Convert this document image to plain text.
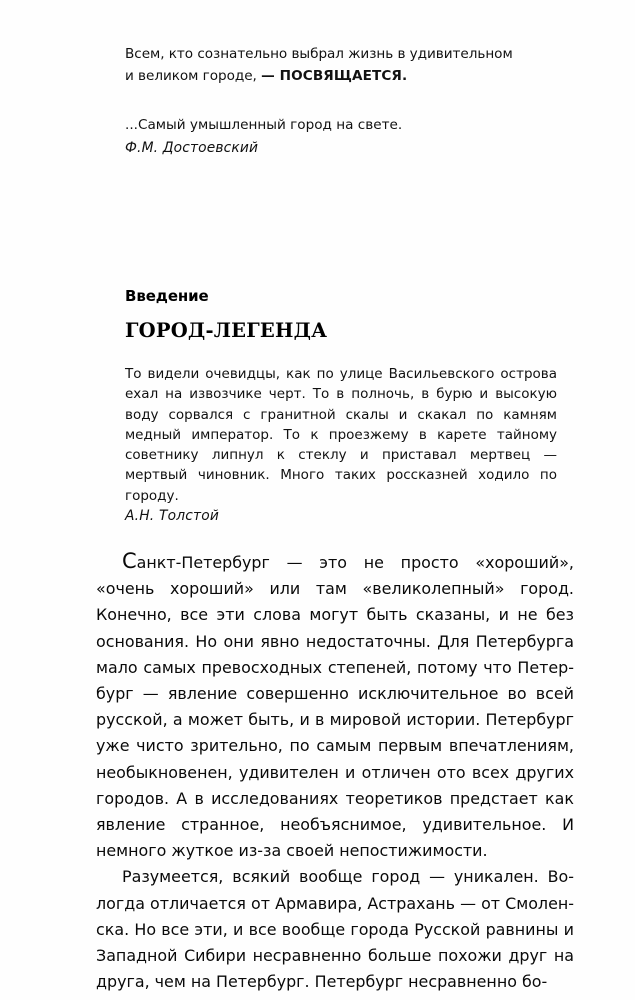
Всем, кто сознательно выбрал жизнь в удивительном
и великом городе, — ПОСВЯЩАЕТСЯ.
...Самый умышленный город на свете.
Ф.М. Достоевский
Введение
ГОРОД-ЛЕГЕНДА
То видели очевидцы, как по улице Васильевского острова ехал на извозчике черт. То в полночь, в бурю и высокую воду сорвался с гранитной скалы и скакал по камням медный император. То к проезжему в карете тайному советнику липнул к стеклу и приставал мертвец — мертвый чиновник. Много таких россказней ходило по городу.
А.Н. Толстой

Санкт-Петербург — это не просто «хороший», «очень хороший» или там «великолепный» город. Конечно, все эти слова могут быть сказаны, и не без основания. Но они явно недостаточны. Для Петербурга мало самых превосходных степеней, потому что Петербург — явление совершенно исключительное во всей русской, а может быть, и в мировой истории. Петербург уже чисто зрительно, по самым первым впечатлениям, необыкновенен, удивителен и отличен ото всех других городов. А в исследованиях теоретиков предстает как явление странное, необъяснимое, удивительное. И немного жуткое из-за своей непостижимости.

Разумеется, всякий вообще город — уникален. Вологда отличается от Армавира, Астрахань — от Смоленска. Но все эти, и все вообще города Русской равнины и Западной Сибири несравненно больше похожи друг на друга, чем на Петербург. Петербург несравненно бо-
